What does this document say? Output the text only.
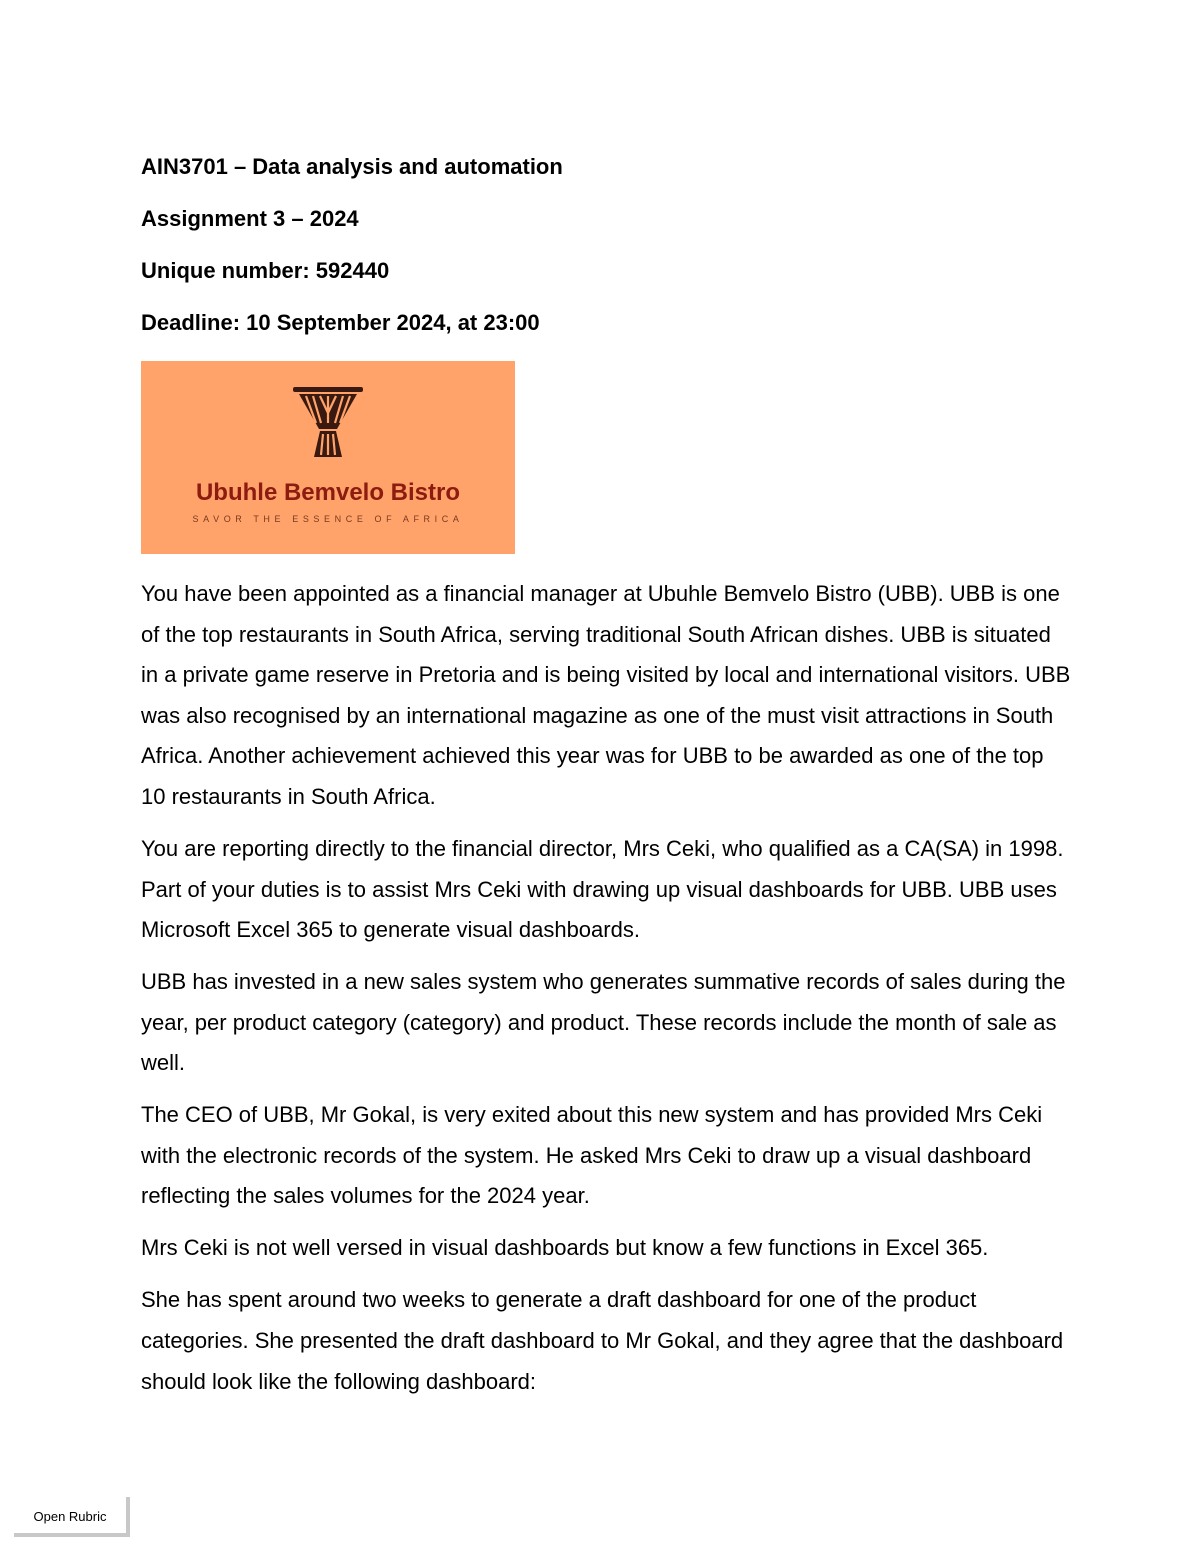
AIN3701 – Data analysis and automation
Assignment 3 – 2024
Unique number: 592440
Deadline: 10 September 2024, at 23:00
Ubuhle Bemvelo Bistro
SAVOR THE ESSENCE OF AFRICA

You have been appointed as a financial manager at Ubuhle Bemvelo Bistro (UBB). UBB is one of the top restaurants in South Africa, serving traditional South African dishes. UBB is situated in a private game reserve in Pretoria and is being visited by local and international visitors. UBB was also recognised by an international magazine as one of the must visit attractions in South Africa. Another achievement achieved this year was for UBB to be awarded as one of the top 10 restaurants in South Africa.

You are reporting directly to the financial director, Mrs Ceki, who qualified as a CA(SA) in 1998. Part of your duties is to assist Mrs Ceki with drawing up visual dashboards for UBB. UBB uses Microsoft Excel 365 to generate visual dashboards.

UBB has invested in a new sales system who generates summative records of sales during the year, per product category (category) and product. These records include the month of sale as well.

The CEO of UBB, Mr Gokal, is very exited about this new system and has provided Mrs Ceki with the electronic records of the system. He asked Mrs Ceki to draw up a visual dashboard reflecting the sales volumes for the 2024 year.

Mrs Ceki is not well versed in visual dashboards but know a few functions in Excel 365.

She has spent around two weeks to generate a draft dashboard for one of the product categories. She presented the draft dashboard to Mr Gokal, and they agree that the dashboard should look like the following dashboard:

Open Rubric
